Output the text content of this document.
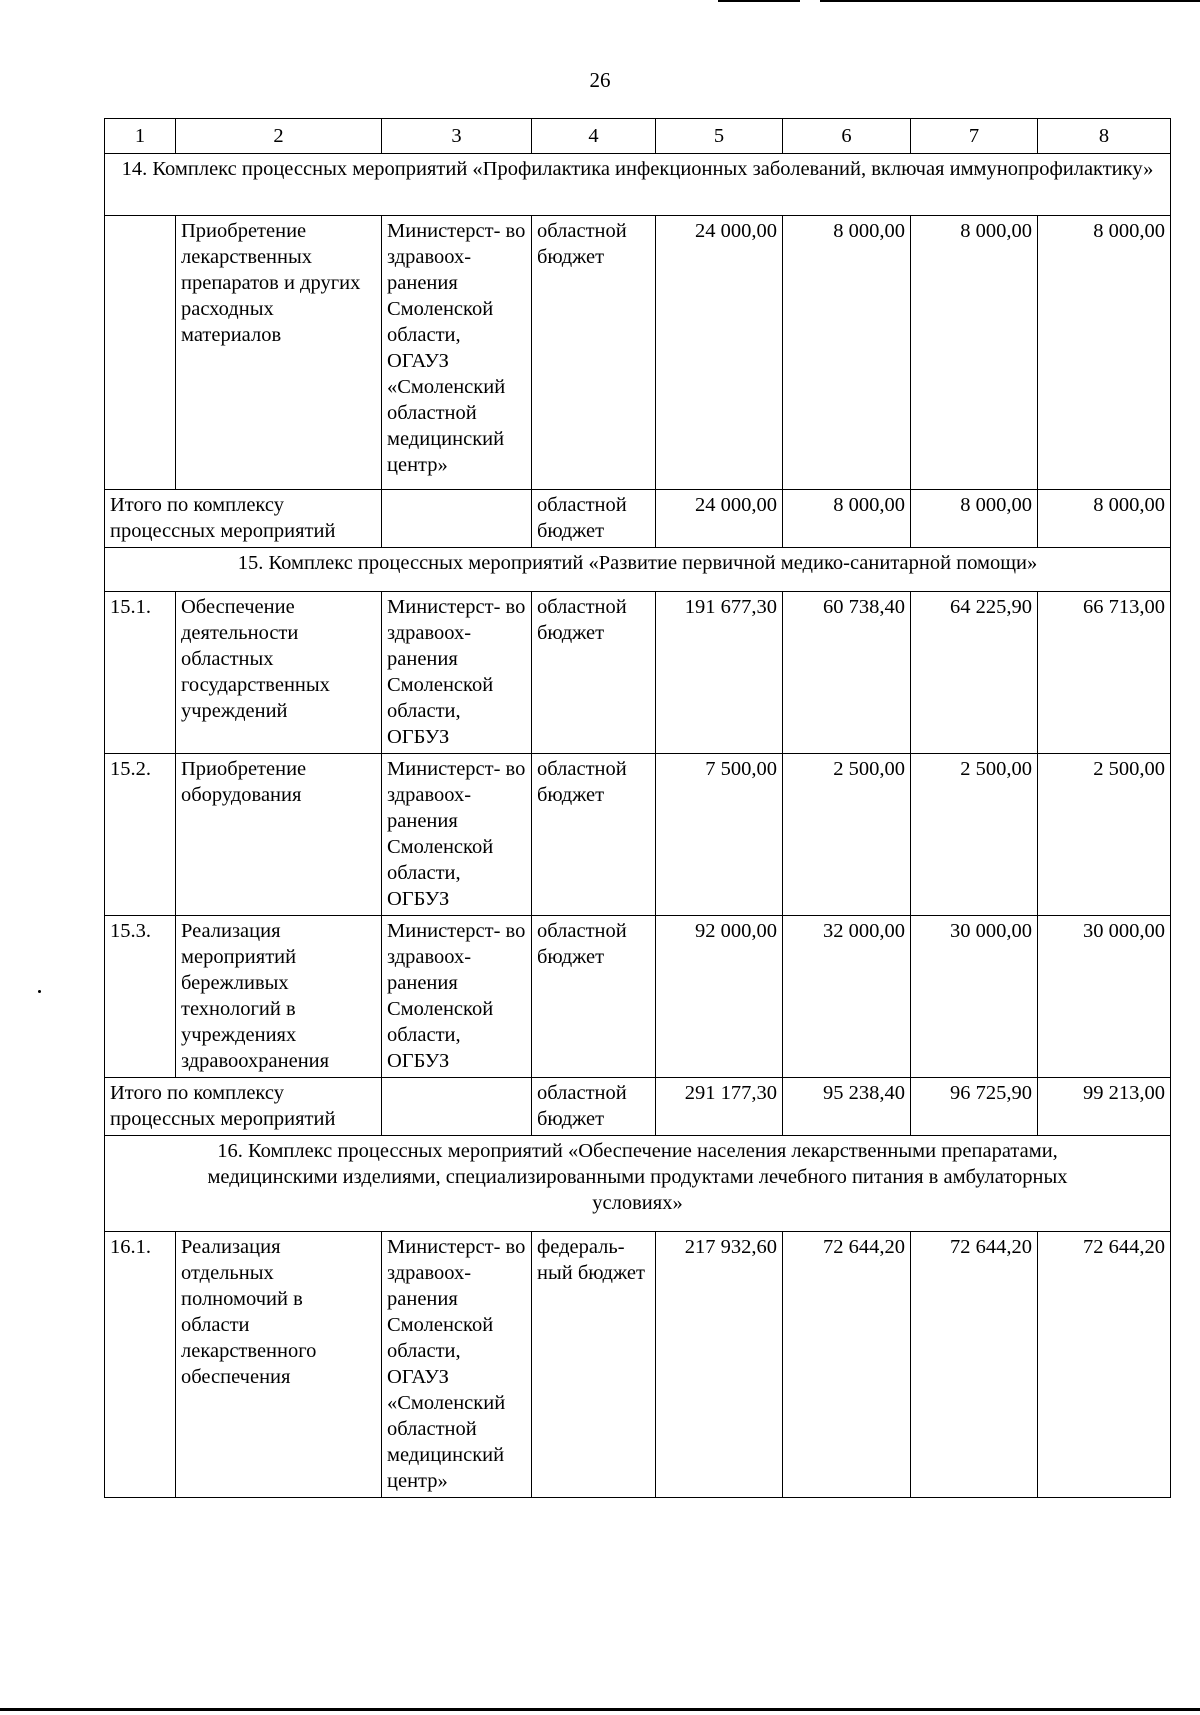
26
1	2	3	4	5	6	7	8
14. Комплекс процессных мероприятий «Профилактика инфекционных заболеваний, включая иммунопрофилактику»							
	Приобретение лекарственных препаратов и других расходных материалов	Министерст- во здравоох- ранения Смоленской области, ОГАУЗ «Смоленский областной медицинский центр»	областной бюджет	24 000,00	8 000,00	8 000,00	8 000,00
Итого по комплексу процессных мероприятий			областной бюджет	24 000,00	8 000,00	8 000,00	8 000,00
15. Комплекс процессных мероприятий «Развитие первичной медико-санитарной помощи»							
15.1.	Обеспечение деятельности областных государственных учреждений	Министерст- во здравоох- ранения Смоленской области, ОГБУЗ	областной бюджет	191 677,30	60 738,40	64 225,90	66 713,00
15.2.	Приобретение оборудования	Министерст- во здравоох- ранения Смоленской области, ОГБУЗ	областной бюджет	7 500,00	2 500,00	2 500,00	2 500,00
15.3.	Реализация мероприятий бережливых технологий в учреждениях здравоохранения	Министерст- во здравоох- ранения Смоленской области, ОГБУЗ	областной бюджет	92 000,00	32 000,00	30 000,00	30 000,00
Итого по комплексу процессных мероприятий			областной бюджет	291 177,30	95 238,40	96 725,90	99 213,00
16. Комплекс процессных мероприятий «Обеспечение населения лекарственными препаратами, медицинскими изделиями, специализированными продуктами лечебного питания в амбулаторных условиях»							
16.1.	Реализация отдельных полномочий в области лекарственного обеспечения	Министерст- во здравоох- ранения Смоленской области, ОГАУЗ «Смоленский областной медицинский центр»	федераль- ный бюджет	217 932,60	72 644,20	72 644,20	72 644,20
